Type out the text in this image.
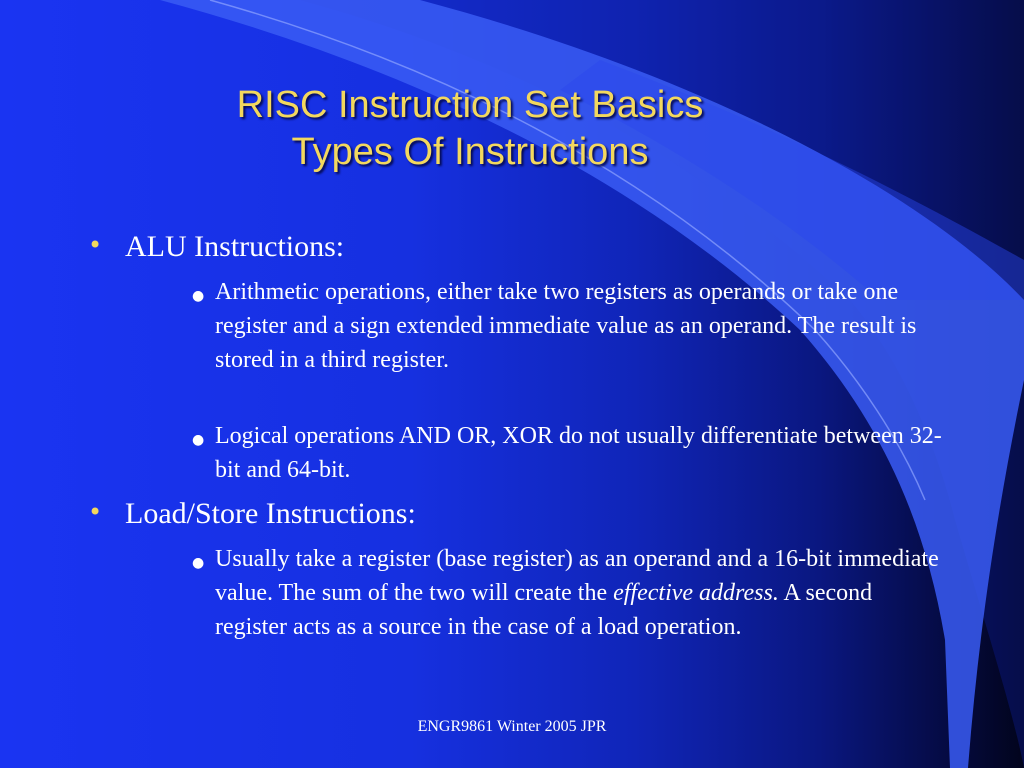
RISC Instruction Set Basics
Types Of Instructions
• ALU Instructions:
● Arithmetic operations, either take two registers as operands or take one register and a sign extended immediate value as an operand. The result is stored in a third register.
● Logical operations AND OR, XOR do not usually differentiate between 32-bit and 64-bit.
• Load/Store Instructions:
● Usually take a register (base register) as an operand and a 16-bit immediate value. The sum of the two will create the effective address. A second register acts as a source in the case of a load operation.
ENGR9861 Winter 2005 JPR
